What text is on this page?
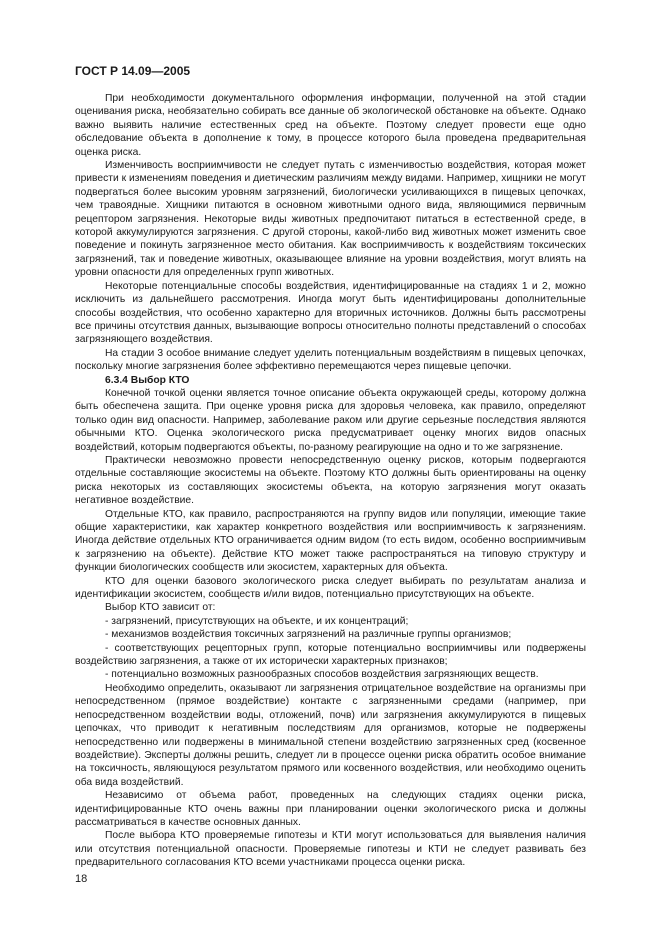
ГОСТ Р 14.09—2005

При необходимости документального оформления информации, полученной на этой стадии оценивания риска, необязательно собирать все данные об экологической обстановке на объекте. Однако важно выявить наличие естественных сред на объекте. Поэтому следует провести еще одно обследование объекта в дополнение к тому, в процессе которого была проведена предварительная оценка риска.

Изменчивость восприимчивости не следует путать с изменчивостью воздействия, которая может привести к изменениям поведения и диетическим различиям между видами. Например, хищники не могут подвергаться более высоким уровням загрязнений, биологически усиливающихся в пищевых цепочках, чем травоядные. Хищники питаются в основном животными одного вида, являющимися первичным рецептором загрязнения. Некоторые виды животных предпочитают питаться в естественной среде, в которой аккумулируются загрязнения. С другой стороны, какой-либо вид животных может изменить свое поведение и покинуть загрязненное место обитания. Как восприимчивость к воздействиям токсических загрязнений, так и поведение животных, оказывающее влияние на уровни воздействия, могут влиять на уровни опасности для определенных групп животных.

Некоторые потенциальные способы воздействия, идентифицированные на стадиях 1 и 2, можно исключить из дальнейшего рассмотрения. Иногда могут быть идентифицированы дополнительные способы воздействия, что особенно характерно для вторичных источников. Должны быть рассмотрены все причины отсутствия данных, вызывающие вопросы относительно полноты представлений о способах загрязняющего воздействия.

На стадии 3 особое внимание следует уделить потенциальным воздействиям в пищевых цепочках, поскольку многие загрязнения более эффективно перемещаются через пищевые цепочки.

6.3.4 Выбор КТО

Конечной точкой оценки является точное описание объекта окружающей среды, которому должна быть обеспечена защита. При оценке уровня риска для здоровья человека, как правило, определяют только один вид опасности. Например, заболевание раком или другие серьезные последствия являются обычными КТО. Оценка экологического риска предусматривает оценку многих видов опасных воздействий, которым подвергаются объекты, по-разному реагирующие на одно и то же загрязнение.

Практически невозможно провести непосредственную оценку рисков, которым подвергаются отдельные составляющие экосистемы на объекте. Поэтому КТО должны быть ориентированы на оценку риска некоторых из составляющих экосистемы объекта, на которую загрязнения могут оказать негативное воздействие.

Отдельные КТО, как правило, распространяются на группу видов или популяции, имеющие такие общие характеристики, как характер конкретного воздействия или восприимчивость к загрязнениям. Иногда действие отдельных КТО ограничивается одним видом (то есть видом, особенно восприимчивым к загрязнению на объекте). Действие КТО может также распространяться на типовую структуру и функции биологических сообществ или экосистем, характерных для объекта.

КТО для оценки базового экологического риска следует выбирать по результатам анализа и идентификации экосистем, сообществ и/или видов, потенциально присутствующих на объекте.

Выбор КТО зависит от:

- загрязнений, присутствующих на объекте, и их концентраций;

- механизмов воздействия токсичных загрязнений на различные группы организмов;

- соответствующих рецепторных групп, которые потенциально восприимчивы или подвержены воздействию загрязнения, а также от их исторически характерных признаков;

- потенциально возможных разнообразных способов воздействия загрязняющих веществ.

Необходимо определить, оказывают ли загрязнения отрицательное воздействие на организмы при непосредственном (прямое воздействие) контакте с загрязненными средами (например, при непосредственном воздействии воды, отложений, почв) или загрязнения аккумулируются в пищевых цепочках, что приводит к негативным последствиям для организмов, которые не подвержены непосредственно или подвержены в минимальной степени воздействию загрязненных сред (косвенное воздействие). Эксперты должны решить, следует ли в процессе оценки риска обратить особое внимание на токсичность, являющуюся результатом прямого или косвенного воздействия, или необходимо оценить оба вида воздействий.

Независимо от объема работ, проведенных на следующих стадиях оценки риска, идентифицированные КТО очень важны при планировании оценки экологического риска и должны рассматриваться в качестве основных данных.

После выбора КТО проверяемые гипотезы и КТИ могут использоваться для выявления наличия или отсутствия потенциальной опасности. Проверяемые гипотезы и КТИ не следует развивать без предварительного согласования КТО всеми участниками процесса оценки риска.

18
